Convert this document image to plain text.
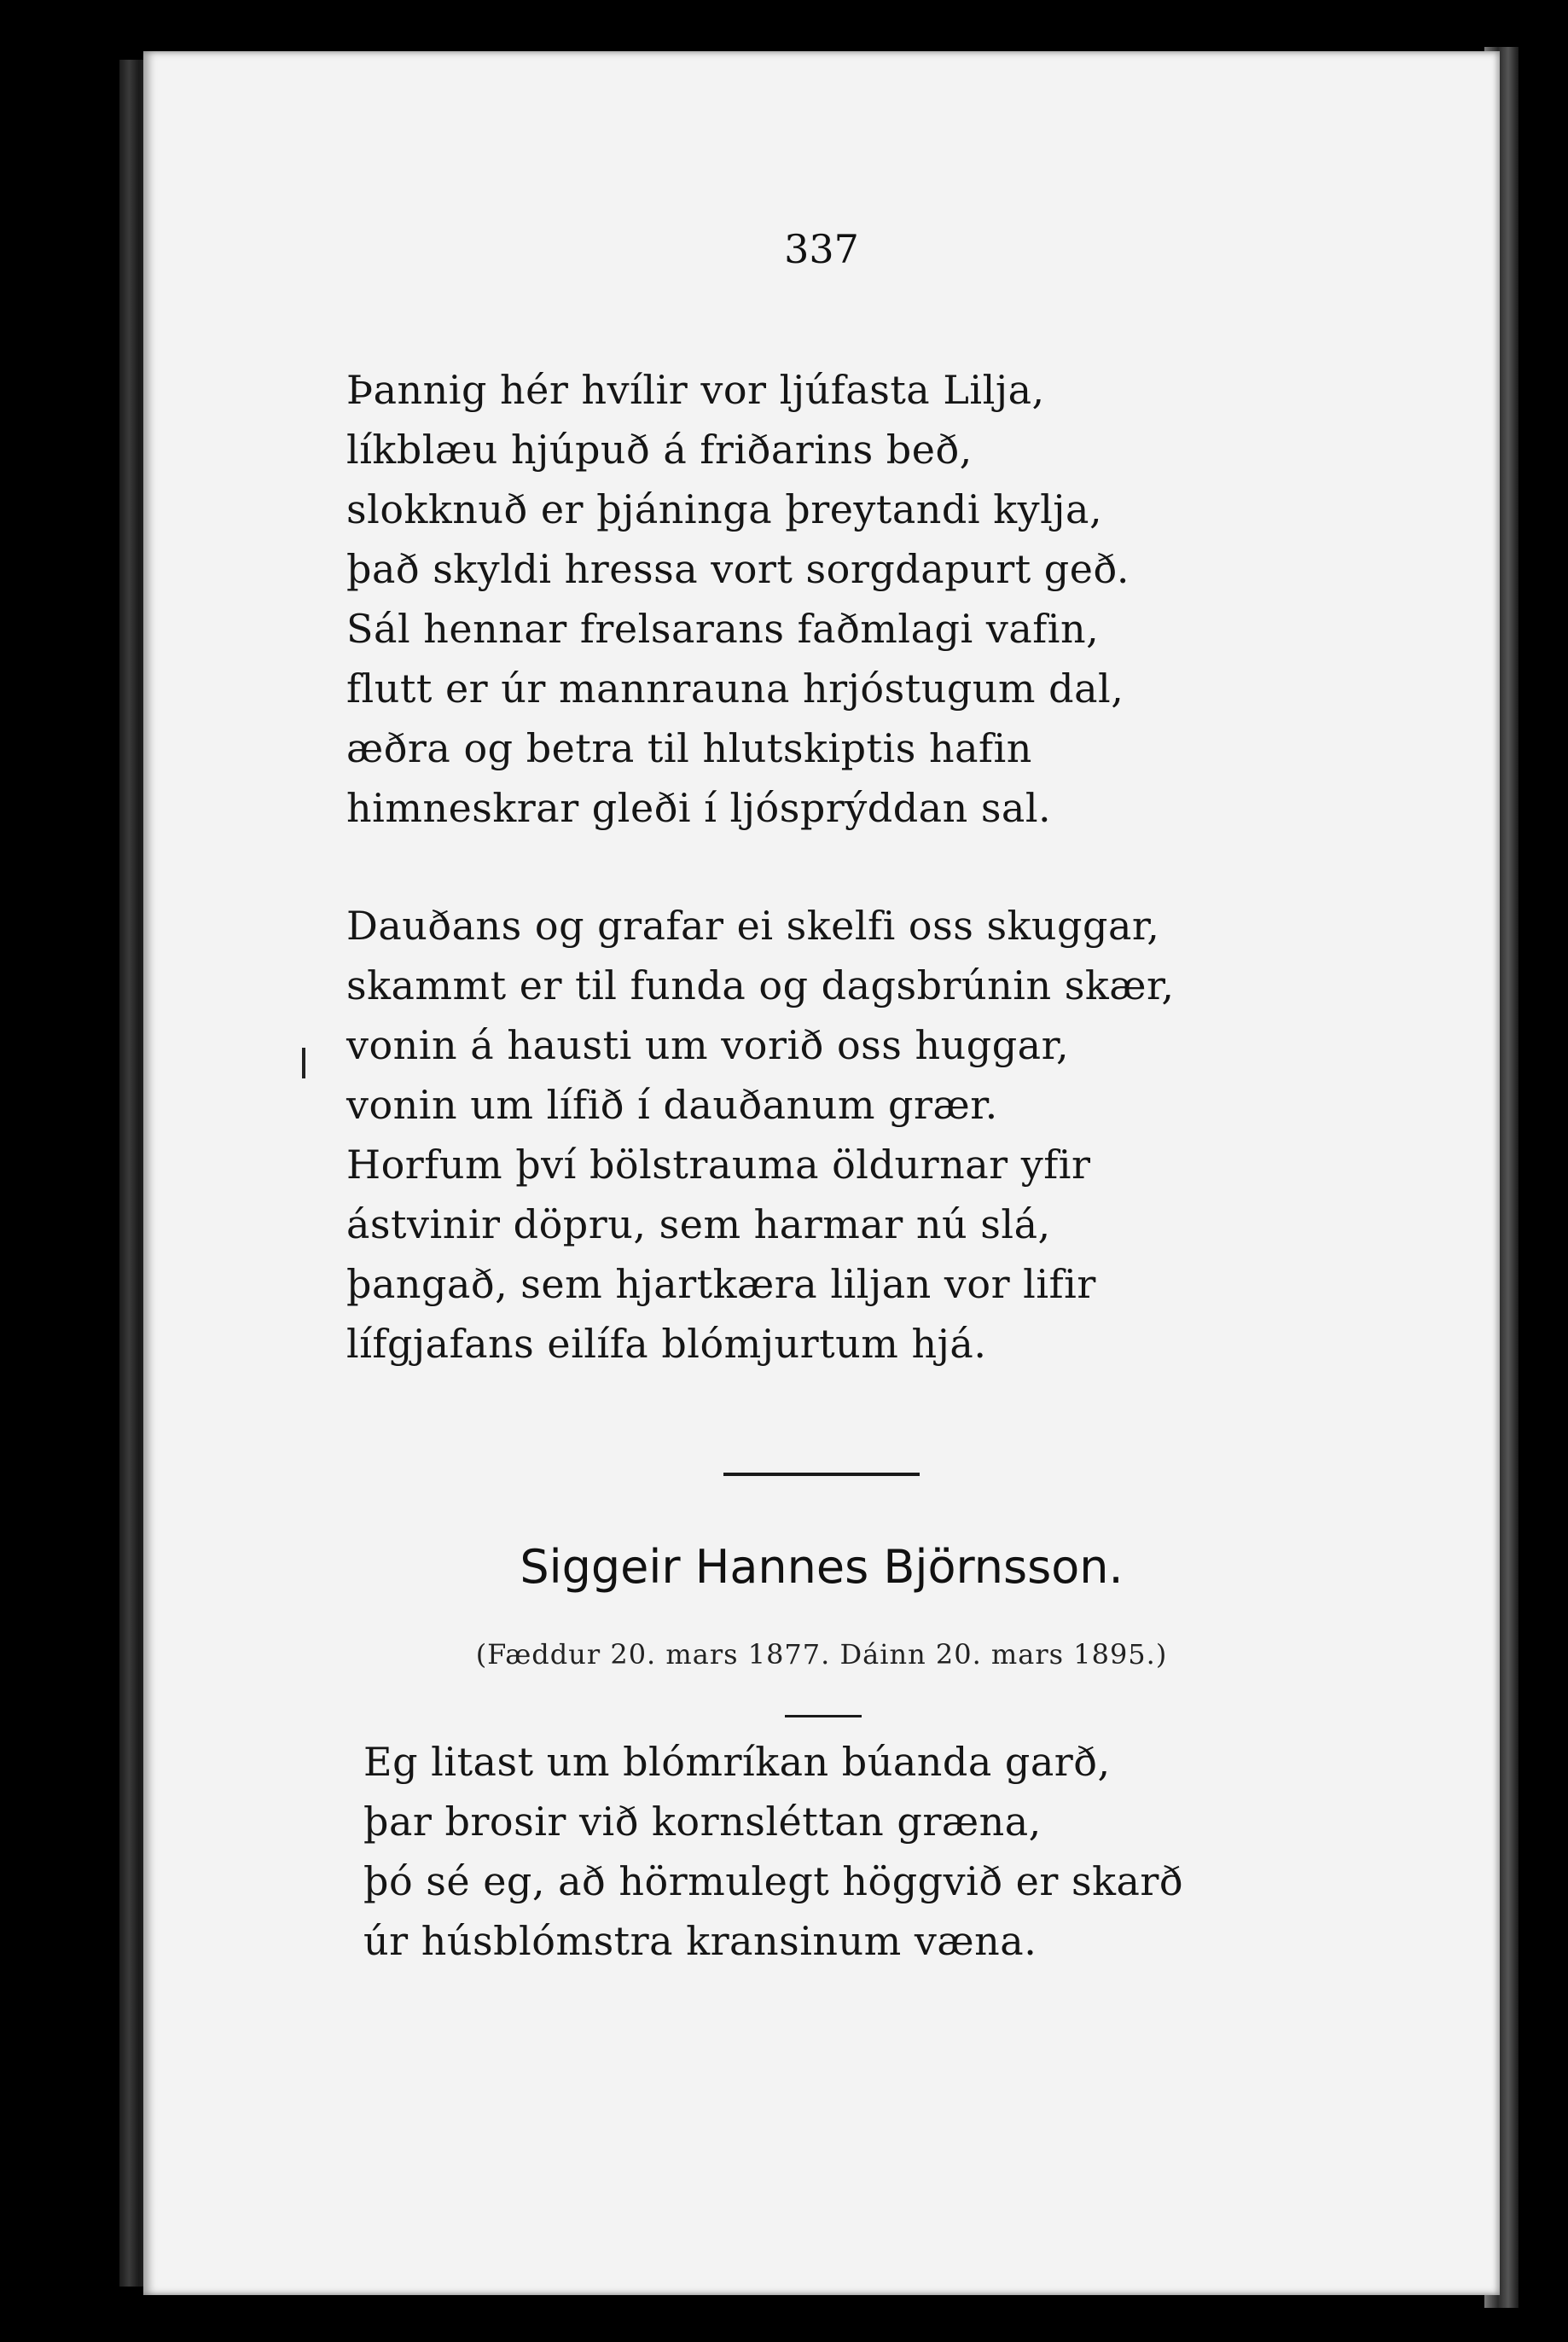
337
Þannig hér hvílir vor ljúfasta Lilja,
líkblæu hjúpuð á friðarins beð,
slokknuð er þjáninga þreytandi kylja,
það skyldi hressa vort sorgdapurt geð.
Sál hennar frelsarans faðmlagi vafin,
flutt er úr mannrauna hrjóstugum dal,
æðra og betra til hlutskiptis hafin
himneskrar gleði í ljósprýddan sal.
Dauðans og grafar ei skelfi oss skuggar,
skammt er til funda og dagsbrúnin skær,
vonin á hausti um vorið oss huggar,
vonin um lífið í dauðanum grær.
Horfum því bölstrauma öldurnar yfir
ástvinir döpru, sem harmar nú slá,
þangað, sem hjartkæra liljan vor lifir
lífgjafans eilífa blómjurtum hjá.
Siggeir Hannes Björnsson.
(Fæddur 20. mars 1877. Dáinn 20. mars 1895.)
Eg litast um blómríkan búanda garð,
þar brosir við kornsléttan græna,
þó sé eg, að hörmulegt höggvið er skarð
úr húsblómstra kransinum væna.
